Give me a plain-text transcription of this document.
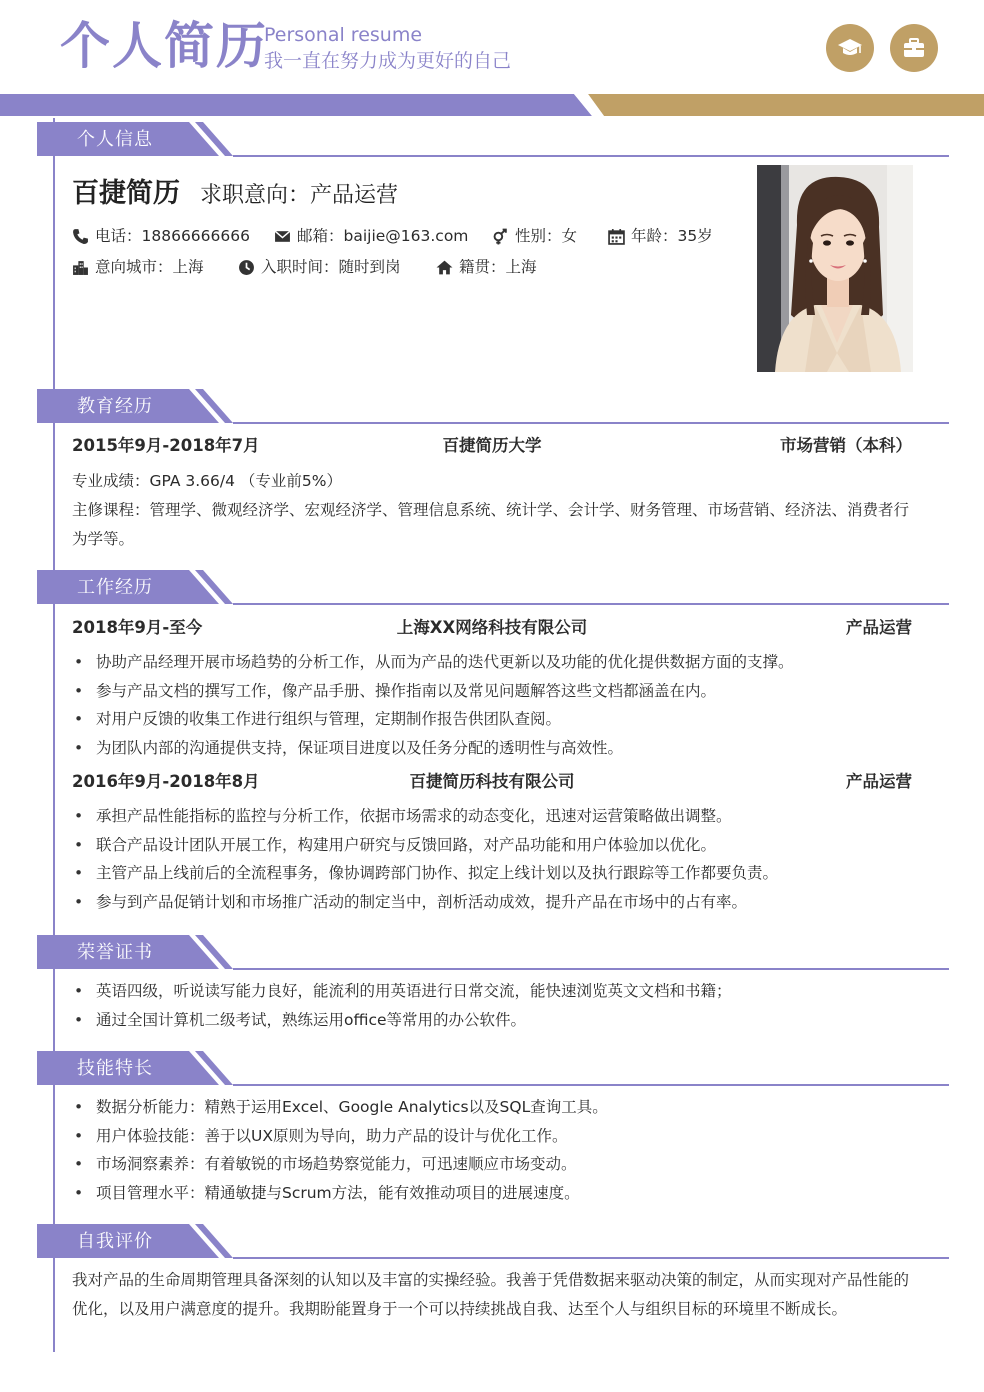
个人简历
Personal resume
我一直在努力成为更好的自己
个人信息
百捷简历 求职意向：产品运营
电话：18866666666	邮箱：baijie@163.com	性别：女	年龄：35岁
意向城市：上海	入职时间：随时到岗	籍贯：上海
教育经历
2015年9月-2018年7月	百捷简历大学	市场营销（本科）
专业成绩：GPA 3.66/4 （专业前5%）
主修课程：管理学、微观经济学、宏观经济学、管理信息系统、统计学、会计学、财务管理、市场营销、经济法、消费者行为学等。
工作经历
2018年9月-至今	上海XX网络科技有限公司	产品运营
• 协助产品经理开展市场趋势的分析工作，从而为产品的迭代更新以及功能的优化提供数据方面的支撑。
• 参与产品文档的撰写工作，像产品手册、操作指南以及常见问题解答这些文档都涵盖在内。
• 对用户反馈的收集工作进行组织与管理，定期制作报告供团队查阅。
• 为团队内部的沟通提供支持，保证项目进度以及任务分配的透明性与高效性。
2016年9月-2018年8月	百捷简历科技有限公司	产品运营
• 承担产品性能指标的监控与分析工作，依据市场需求的动态变化，迅速对运营策略做出调整。
• 联合产品设计团队开展工作，构建用户研究与反馈回路，对产品功能和用户体验加以优化。
• 主管产品上线前后的全流程事务，像协调跨部门协作、拟定上线计划以及执行跟踪等工作都要负责。
• 参与到产品促销计划和市场推广活动的制定当中，剖析活动成效，提升产品在市场中的占有率。
荣誉证书
• 英语四级，听说读写能力良好，能流利的用英语进行日常交流，能快速浏览英文文档和书籍；
• 通过全国计算机二级考试，熟练运用office等常用的办公软件。
技能特长
• 数据分析能力：精熟于运用Excel、Google Analytics以及SQL查询工具。
• 用户体验技能：善于以UX原则为导向，助力产品的设计与优化工作。
• 市场洞察素养：有着敏锐的市场趋势察觉能力，可迅速顺应市场变动。
• 项目管理水平：精通敏捷与Scrum方法，能有效推动项目的进展速度。
自我评价
我对产品的生命周期管理具备深刻的认知以及丰富的实操经验。我善于凭借数据来驱动决策的制定，从而实现对产品性能的优化，以及用户满意度的提升。我期盼能置身于一个可以持续挑战自我、达至个人与组织目标的环境里不断成长。
